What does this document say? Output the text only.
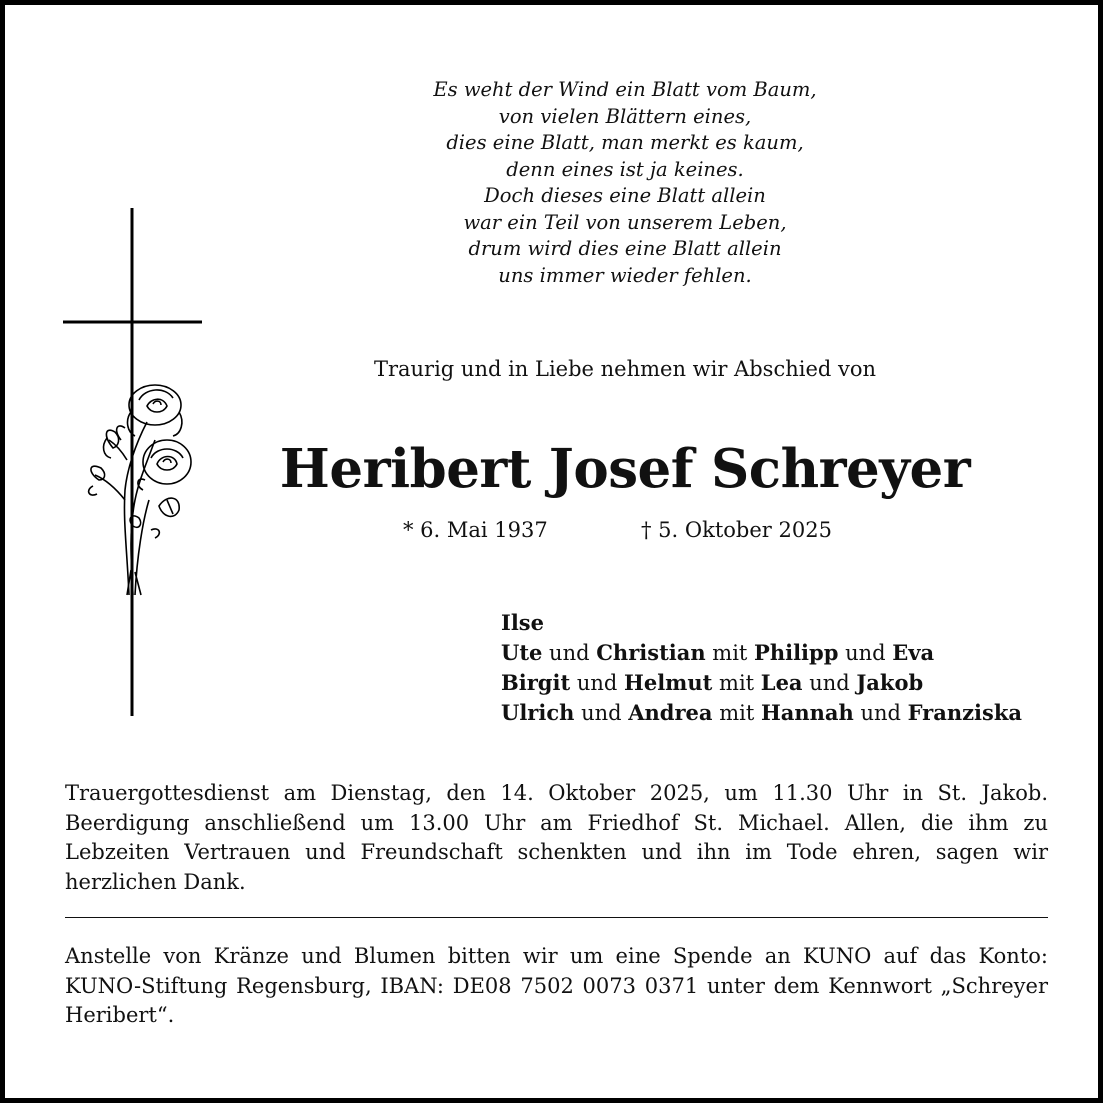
Es weht der Wind ein Blatt vom Baum,
von vielen Blättern eines,
dies eine Blatt, man merkt es kaum,
denn eines ist ja keines.
Doch dieses eine Blatt allein
war ein Teil von unserem Leben,
drum wird dies eine Blatt allein
uns immer wieder fehlen.
Traurig und in Liebe nehmen wir Abschied von
Heribert Josef Schreyer
* 6. Mai 1937	† 5. Oktober 2025
Ilse
Ute und Christian mit Philipp und Eva
Birgit und Helmut mit Lea und Jakob
Ulrich und Andrea mit Hannah und Franziska
Trauergottesdienst am Dienstag, den 14. Oktober 2025, um 11.30 Uhr in St. Jakob. Beerdigung anschließend um 13.00 Uhr am Friedhof St. Michael. Allen, die ihm zu Lebzeiten Vertrauen und Freundschaft schenkten und ihn im Tode ehren, sagen wir herzlichen Dank.
Anstelle von Kränze und Blumen bitten wir um eine Spende an KUNO auf das Konto: KUNO-Stiftung Regensburg, IBAN: DE08 7502 0073 0371 unter dem Kennwort „Schreyer Heribert“.
